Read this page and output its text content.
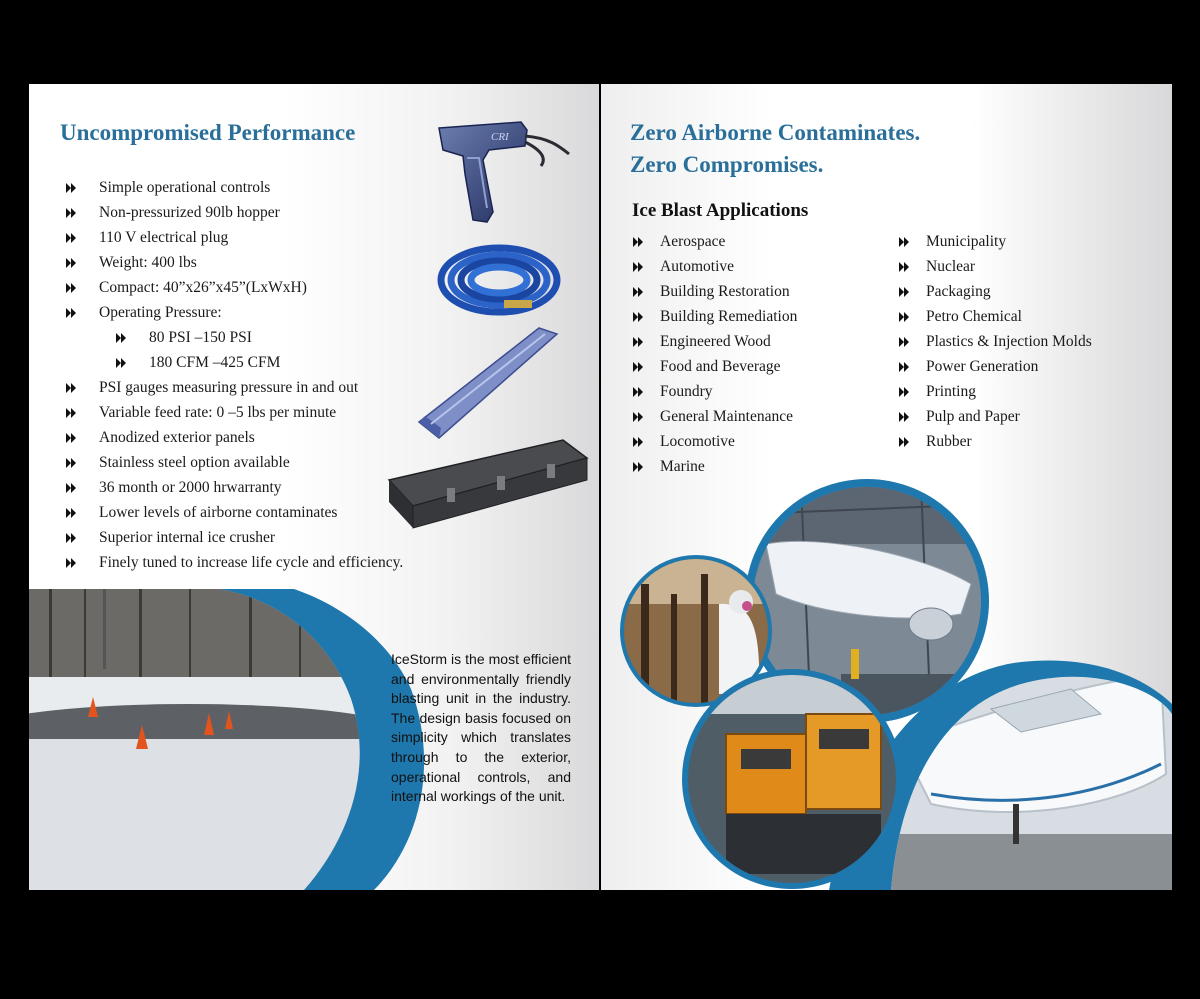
Uncompromised Performance
Simple operational controls
Non-pressurized 90lb hopper
110 V electrical plug
Weight: 400 lbs
Compact: 40”x26”x45”(LxWxH)
Operating Pressure:
80 PSI –150 PSI
180 CFM –425 CFM
PSI gauges measuring pressure in and out
Variable feed rate: 0 –5 lbs per minute
Anodized exterior panels
Stainless steel option available
36 month or 2000 hrwarranty
Lower levels of airborne contaminates
Superior internal ice crusher
Finely tuned to increase life cycle and efficiency.
CRI

IceStorm is the most efficient and environmentally friendly blasting unit in the industry. The design basis focused on simplicity which translates through to the exterior, operational controls, and internal workings of the unit.

Zero Airborne Contaminates.
Zero Compromises.
Ice Blast Applications
Aerospace
Automotive
Building Restoration
Building Remediation
Engineered Wood
Food and Beverage
Foundry
General Maintenance
Locomotive
Marine
Municipality
Nuclear
Packaging
Petro Chemical
Plastics & Injection Molds
Power Generation
Printing
Pulp and Paper
Rubber
